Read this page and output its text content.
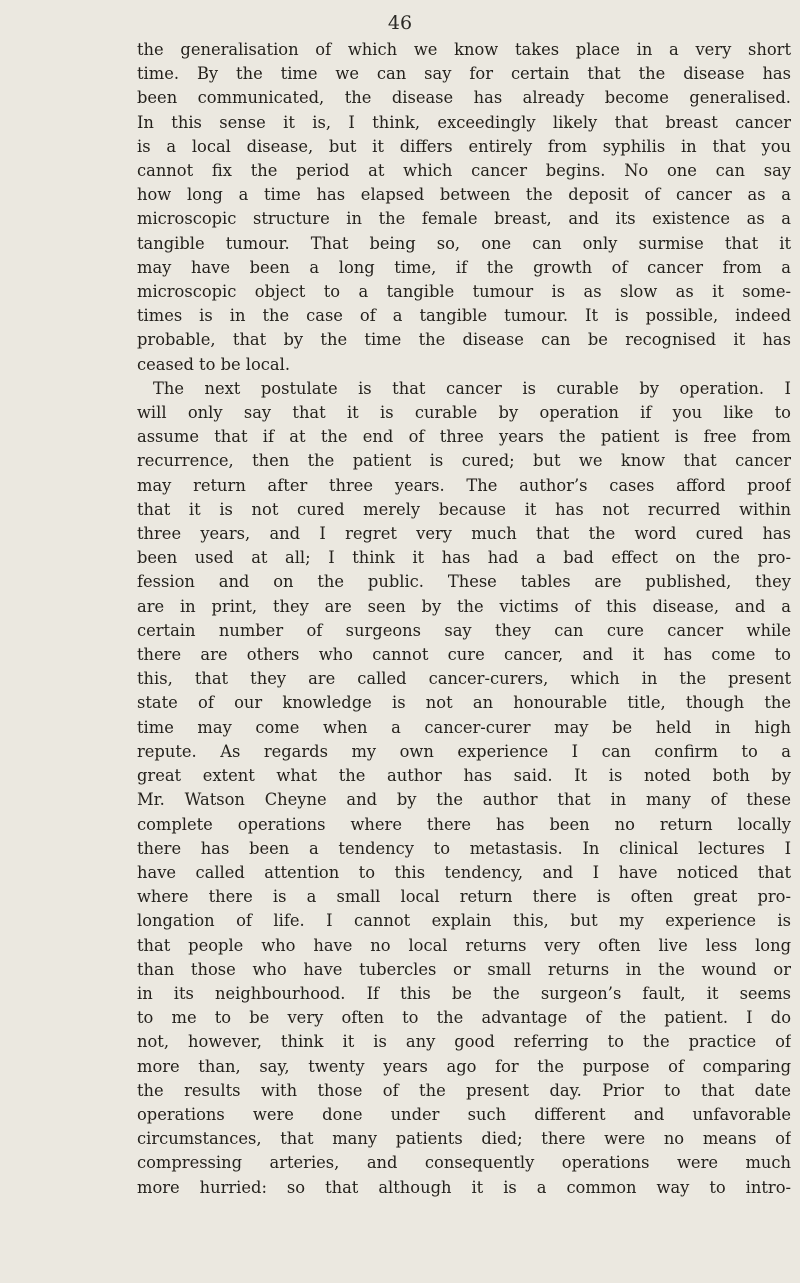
46
the generalisation of which we know takes place in a very short
time. By the time we can say for certain that the disease has
been communicated, the disease has already become generalised.
In this sense it is, I think, exceedingly likely that breast cancer
is a local disease, but it differs entirely from syphilis in that you
cannot fix the period at which cancer begins. No one can say
how long a time has elapsed between the deposit of cancer as a
microscopic structure in the female breast, and its existence as a
tangible tumour. That being so, one can only surmise that it
may have been a long time, if the growth of cancer from a
microscopic object to a tangible tumour is as slow as it some-
times is in the case of a tangible tumour. It is possible, indeed
probable, that by the time the disease can be recognised it has
ceased to be local.
The next postulate is that cancer is curable by operation. I
will only say that it is curable by operation if you like to
assume that if at the end of three years the patient is free from
recurrence, then the patient is cured; but we know that cancer
may return after three years. The author’s cases afford proof
that it is not cured merely because it has not recurred within
three years, and I regret very much that the word cured has
been used at all; I think it has had a bad effect on the pro-
fession and on the public. These tables are published, they
are in print, they are seen by the victims of this disease, and a
certain number of surgeons say they can cure cancer while
there are others who cannot cure cancer, and it has come to
this, that they are called cancer-curers, which in the present
state of our knowledge is not an honourable title, though the
time may come when a cancer-curer may be held in high
repute. As regards my own experience I can confirm to a
great extent what the author has said. It is noted both by
Mr. Watson Cheyne and by the author that in many of these
complete operations where there has been no return locally
there has been a tendency to metastasis. In clinical lectures I
have called attention to this tendency, and I have noticed that
where there is a small local return there is often great pro-
longation of life. I cannot explain this, but my experience is
that people who have no local returns very often live less long
than those who have tubercles or small returns in the wound or
in its neighbourhood. If this be the surgeon’s fault, it seems
to me to be very often to the advantage of the patient. I do
not, however, think it is any good referring to the practice of
more than, say, twenty years ago for the purpose of comparing
the results with those of the present day. Prior to that date
operations were done under such different and unfavorable
circumstances, that many patients died; there were no means of
compressing arteries, and consequently operations were much
more hurried: so that although it is a common way to intro-
